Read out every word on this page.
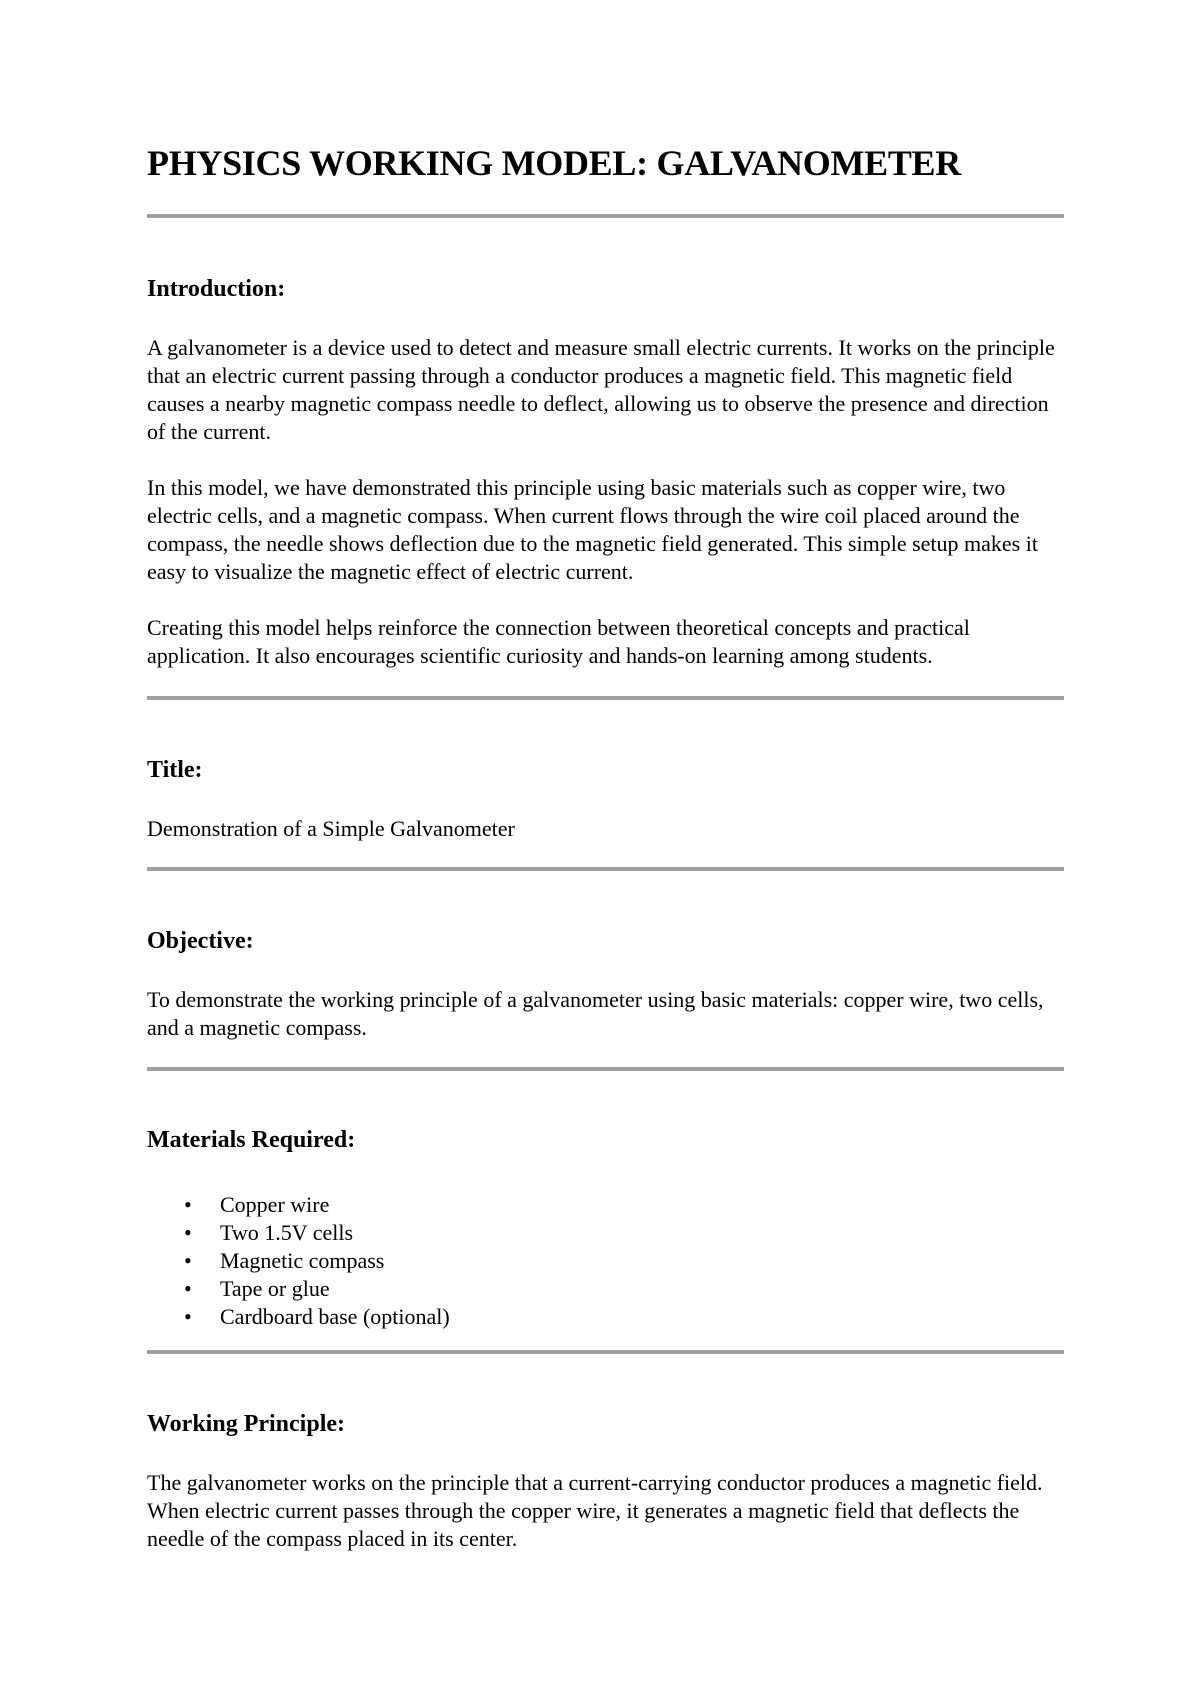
PHYSICS WORKING MODEL: GALVANOMETER
Introduction:

A galvanometer is a device used to detect and measure small electric currents. It works on the principle that an electric current passing through a conductor produces a magnetic field. This magnetic field causes a nearby magnetic compass needle to deflect, allowing us to observe the presence and direction of the current.

In this model, we have demonstrated this principle using basic materials such as copper wire, two electric cells, and a magnetic compass. When current flows through the wire coil placed around the compass, the needle shows deflection due to the magnetic field generated. This simple setup makes it easy to visualize the magnetic effect of electric current.

Creating this model helps reinforce the connection between theoretical concepts and practical application. It also encourages scientific curiosity and hands-on learning among students.

Title:

Demonstration of a Simple Galvanometer

Objective:

To demonstrate the working principle of a galvanometer using basic materials: copper wire, two cells, and a magnetic compass.

Materials Required:
• Copper wire
• Two 1.5V cells
• Magnetic compass
• Tape or glue
• Cardboard base (optional)
Working Principle:

The galvanometer works on the principle that a current-carrying conductor produces a magnetic field. When electric current passes through the copper wire, it generates a magnetic field that deflects the needle of the compass placed in its center.
